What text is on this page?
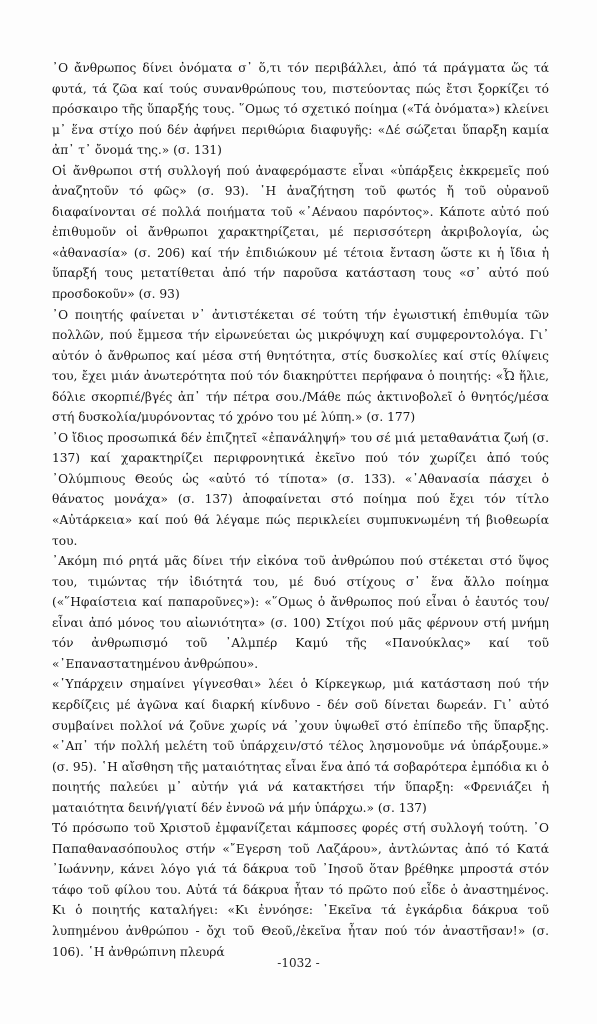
᾿Ο ἄνθρωπος δίνει ὀνόματα σ᾿ ὅ,τι τόν περιβάλλει, ἀπό τά πράγματα ὥς τά φυτά, τά ζῶα καί τούς συνανθρώπους του, πιστεύοντας πώς ἔτσι ξορκίζει τό πρόσκαιρο τῆς ὕπαρξής τους. ῞Ομως τό σχετικό ποίημα («Τά ὀνόματα») κλείνει μ᾿ ἕνα στίχο πού δέν ἀφήνει περιθώρια διαφυγῆς: «Δέ σώζεται ὕπαρξη καμία ἀπ᾿ τ᾿ ὄνομά της.» (σ. 131)

Οἱ ἄνθρωποι στή συλλογή πού ἀναφερόμαστε εἶναι «ὑπάρξεις ἐκκρεμεῖς πού ἀναζητοῦν τό φῶς» (σ. 93). ῾Η ἀναζήτηση τοῦ φωτός ἤ τοῦ οὐρανοῦ διαφαίνονται σέ πολλά ποιήματα τοῦ «᾿Αέναου παρόντος». Κάποτε αὐτό πού ἐπιθυμοῦν οἱ ἄνθρωποι χαρακτηρίζεται, μέ περισσότερη ἀκριβολογία, ὡς «ἀθανασία» (σ. 206) καί τήν ἐπιδιώκουν μέ τέτοια ἔνταση ὥστε κι ἡ ἴδια ἡ ὕπαρξή τους μετατίθεται ἀπό τήν παροῦσα κατάσταση τους «σ᾿ αὐτό πού προσδοκοῦν» (σ. 93)

᾿Ο ποιητής φαίνεται ν᾿ ἀντιστέκεται σέ τούτη τήν ἐγωιστική ἐπιθυμία τῶν πολλῶν, πού ἔμμεσα τήν εἰρωνεύεται ὡς μικρόψυχη καί συμφεροντολόγα. Γι᾿ αὐτόν ὁ ἄνθρωπος καί μέσα στή θνητότητα, στίς δυσκολίες καί στίς θλίψεις του, ἔχει μιάν ἀνωτερότητα πού τόν διακηρύττει περήφανα ὁ ποιητής: «Ὦ ἥλιε, δόλιε σκορπιέ/βγές ἀπ᾿ τήν πέτρα σου./Μάθε πώς ἀκτινοβολεῖ ὁ θνητός/μέσα στή δυσκολία/μυρόνοντας τό χρόνο του μέ λύπη.» (σ. 177)

᾿Ο ἴδιος προσωπικά δέν ἐπιζητεῖ «ἐπανάληψή» του σέ μιά μεταθανάτια ζωή (σ. 137) καί χαρακτηρίζει περιφρονητικά ἐκεῖνο πού τόν χωρίζει ἀπό τούς ᾿Ολύμπιους Θεούς ὡς «αὐτό τό τίποτα» (σ. 133). «᾿Αθανασία πάσχει ὁ θάνατος μονάχα» (σ. 137) ἀποφαίνεται στό ποίημα πού ἔχει τόν τίτλο «Αὐτάρκεια» καί πού θά λέγαμε πώς περικλείει συμπυκνωμένη τή βιοθεωρία του.

᾿Ακόμη πιό ρητά μᾶς δίνει τήν εἰκόνα τοῦ ἀνθρώπου πού στέκεται στό ὕψος του, τιμώντας τήν ἰδιότητά του, μέ δυό στίχους σ᾿ ἕνα ἄλλο ποίημα («῞Ηφαίστεια καί παπαροῦνες»): «῞Ομως ὁ ἄνθρωπος πού εἶναι ὁ ἑαυτός του/εἶναι ἀπό μόνος του αἰωνιότητα» (σ. 100) Στίχοι πού μᾶς φέρνουν στή μνήμη τόν ἀνθρωπισμό τοῦ ᾿Αλμπέρ Καμύ τῆς «Πανούκλας» καί τοῦ «᾿Επαναστατημένου ἀνθρώπου».

«῾Υπάρχειν σημαίνει γίγνεσθαι» λέει ὁ Κίρκεγκωρ, μιά κατάσταση πού τήν κερδίζεις μέ ἀγῶνα καί διαρκή κίνδυνο - δέν σοῦ δίνεται δωρεάν. Γι᾿ αὐτό συμβαίνει πολλοί νά ζοῦνε χωρίς νά ᾿χουν ὑψωθεῖ στό ἐπίπεδο τῆς ὕπαρξης. «᾿Απ᾿ τήν πολλή μελέτη τοῦ ὑπάρχειν/στό τέλος λησμονοῦμε νά ὑπάρξουμε.» (σ. 95). ῾Η αἴσθηση τῆς ματαιότητας εἶναι ἕνα ἀπό τά σοβαρότερα ἐμπόδια κι ὁ ποιητής παλεύει μ᾿ αὐτήν γιά νά κατακτήσει τήν ὕπαρξη: «Φρενιάζει ἡ ματαιότητα δεινή/γιατί δέν ἐννοῶ νά μήν ὑπάρχω.» (σ. 137)

Τό πρόσωπο τοῦ Χριστοῦ ἐμφανίζεται κάμποσες φορές στή συλλογή τούτη. ᾿Ο Παπαθανασόπουλος στήν «῎Εγερση τοῦ Λαζάρου», ἀντλώντας ἀπό τό Κατά ᾿Ιωάννην, κάνει λόγο γιά τά δάκρυα τοῦ ᾿Ιησοῦ ὅταν βρέθηκε μπροστά στόν τάφο τοῦ φίλου του. Αὐτά τά δάκρυα ἦταν τό πρῶτο πού εἶδε ὁ ἀναστημένος. Κι ὁ ποιητής καταλήγει: «Κι ἐννόησε: ᾿Εκεῖνα τά ἐγκάρδια δάκρυα τοῦ λυπημένου ἀνθρώπου - ὄχι τοῦ Θεοῦ,/ἐκεῖνα ἦταν πού τόν ἀναστῆσαν!» (σ. 106). ῾Η ἀνθρώπινη πλευρά

-1032 -
